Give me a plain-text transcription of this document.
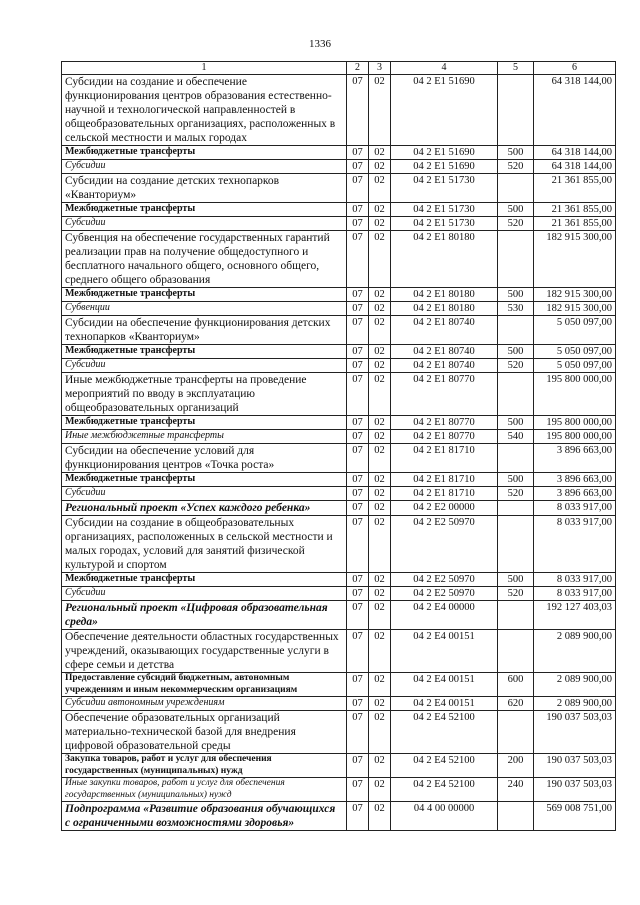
1336
1	2	3	4	5	6
Субсидии на создание и обеспечение функционирования центров образования естественно-научной и технологической направленностей в общеобразовательных организациях, расположенных в сельской местности и малых городах	07	02	04 2 E1 51690		64 318 144,00
Межбюджетные трансферты	07	02	04 2 E1 51690	500	64 318 144,00
Субсидии	07	02	04 2 E1 51690	520	64 318 144,00
Субсидии на создание детских технопарков «Кванториум»	07	02	04 2 E1 51730		21 361 855,00
Межбюджетные трансферты	07	02	04 2 E1 51730	500	21 361 855,00
Субсидии	07	02	04 2 E1 51730	520	21 361 855,00
Субвенция на обеспечение государственных гарантий реализации прав на получение общедоступного и бесплатного начального общего, основного общего, среднего общего образования	07	02	04 2 E1 80180		182 915 300,00
Межбюджетные трансферты	07	02	04 2 E1 80180	500	182 915 300,00
Субвенции	07	02	04 2 E1 80180	530	182 915 300,00
Субсидии на обеспечение функционирования детских технопарков «Кванториум»	07	02	04 2 E1 80740		5 050 097,00
Межбюджетные трансферты	07	02	04 2 E1 80740	500	5 050 097,00
Субсидии	07	02	04 2 E1 80740	520	5 050 097,00
Иные межбюджетные трансферты на проведение мероприятий по вводу в эксплуатацию общеобразовательных организаций	07	02	04 2 E1 80770		195 800 000,00
Межбюджетные трансферты	07	02	04 2 E1 80770	500	195 800 000,00
Иные межбюджетные трансферты	07	02	04 2 E1 80770	540	195 800 000,00
Субсидии на обеспечение условий для функционирования центров «Точка роста»	07	02	04 2 E1 81710		3 896 663,00
Межбюджетные трансферты	07	02	04 2 E1 81710	500	3 896 663,00
Субсидии	07	02	04 2 E1 81710	520	3 896 663,00
Региональный проект «Успех каждого ребенка»	07	02	04 2 E2 00000		8 033 917,00
Субсидии на создание в общеобразовательных организациях, расположенных в сельской местности и малых городах, условий для занятий физической культурой и спортом	07	02	04 2 E2 50970		8 033 917,00
Межбюджетные трансферты	07	02	04 2 E2 50970	500	8 033 917,00
Субсидии	07	02	04 2 E2 50970	520	8 033 917,00
Региональный проект «Цифровая образовательная среда»	07	02	04 2 E4 00000		192 127 403,03
Обеспечение деятельности областных государственных учреждений, оказывающих государственные услуги в сфере семьи и детства	07	02	04 2 E4 00151		2 089 900,00
Предоставление субсидий бюджетным, автономным учреждениям и иным некоммерческим организациям	07	02	04 2 E4 00151	600	2 089 900,00
Субсидии автономным учреждениям	07	02	04 2 E4 00151	620	2 089 900,00
Обеспечение образовательных организаций материально-технической базой для внедрения цифровой образовательной среды	07	02	04 2 E4 52100		190 037 503,03
Закупка товаров, работ и услуг для обеспечения государственных (муниципальных) нужд	07	02	04 2 E4 52100	200	190 037 503,03
Иные закупки товаров, работ и услуг для обеспечения государственных (муниципальных) нужд	07	02	04 2 E4 52100	240	190 037 503,03
Подпрограмма «Развитие образования обучающихся с ограниченными возможностями здоровья»	07	02	04 4 00 00000		569 008 751,00
